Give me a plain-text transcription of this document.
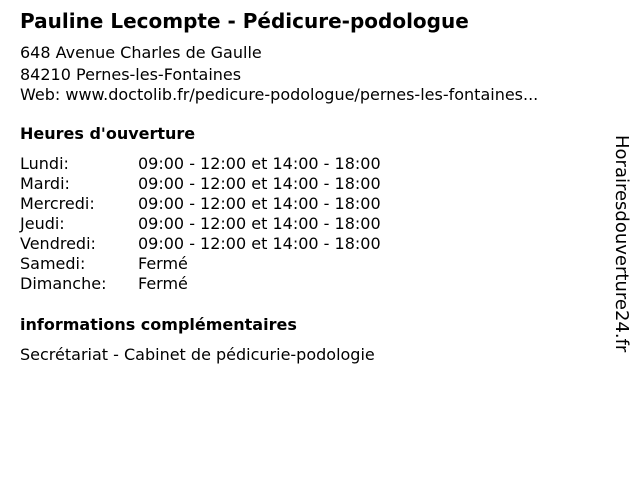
Pauline Lecompte - Pédicure-podologue
648 Avenue Charles de Gaulle
84210 Pernes-les-Fontaines
Web: www.doctolib.fr/pedicure-podologue/pernes-les-fontaines...
Heures d'ouverture
Lundi:	09:00 - 12:00 et 14:00 - 18:00
Mardi:	09:00 - 12:00 et 14:00 - 18:00
Mercredi:	09:00 - 12:00 et 14:00 - 18:00
Jeudi:	09:00 - 12:00 et 14:00 - 18:00
Vendredi:	09:00 - 12:00 et 14:00 - 18:00
Samedi:	Fermé
Dimanche:	Fermé
informations complémentaires
Secrétariat - Cabinet de pédicurie-podologie
Horairesdouverture24.fr
